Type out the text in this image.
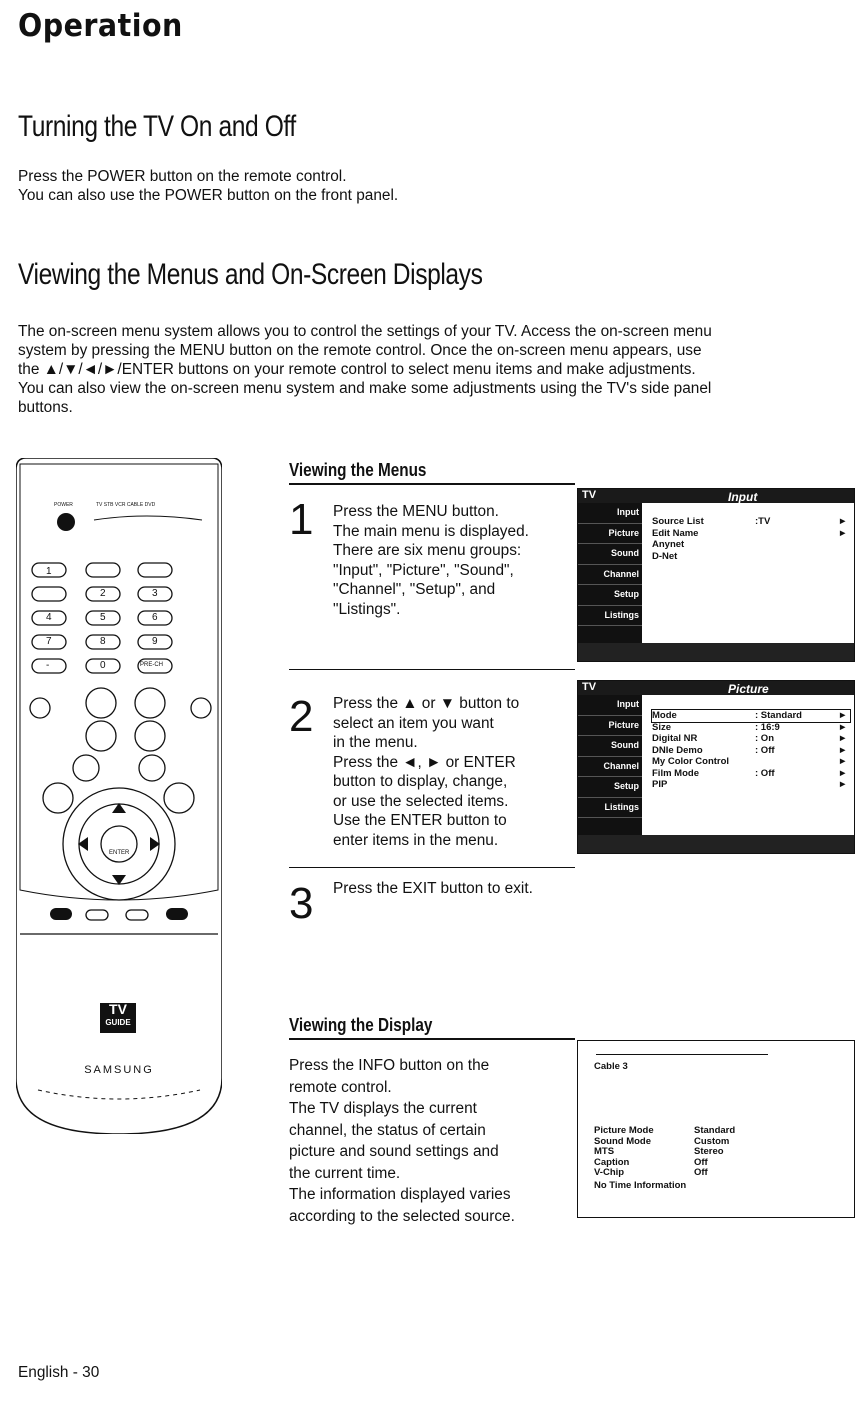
Operation
Turning the TV On and Off
Press the POWER button on the remote control.
You can also use the POWER button on the front panel.
Viewing the Menus and On-Screen Displays
The on-screen menu system allows you to control the settings of your TV. Access the on-screen menu
system by pressing the MENU button on the remote control. Once the on-screen menu appears, use
the ▲/▼/◄/►/ENTER buttons on your remote control to select menu items and make adjustments.
You can also view the on-screen menu system and make some adjustments using the TV's side panel
buttons.
POWER	TV STB VCR CABLE DVD
1
2	3
4	5	6
7	8	9
-	0	PRE-CH
ENTER
TV
GUIDE
SAMSUNG
Viewing the Menus
1 Press the MENU button.
The main menu is displayed.
There are six menu groups:
"Input", "Picture", "Sound",
"Channel", "Setup", and
"Listings".
TV	Input
Input
Picture
Sound
Channel
Setup
Listings
Source List	:TV	►
Edit Name		►
Anynet		
D-Net		
2 Press the ▲ or ▼ button to
select an item you want
in the menu.
Press the ◄, ► or ENTER
button to display, change,
or use the selected items.
Use the ENTER button to
enter items in the menu.
TV	Picture
Input
Picture
Sound
Channel
Setup
Listings
Mode	: Standard	►
Size	: 16:9	►
Digital NR	: On	►
DNIe Demo	: Off	►
My Color Control		►
Film Mode	: Off	►
PIP		►
3 Press the EXIT button to exit.
Viewing the Display
Press the INFO button on the
remote control.
The TV displays the current
channel, the status of certain
picture and sound settings and
the current time.
The information displayed varies
according to the selected source.
Cable 3
Picture Mode	Standard
Sound Mode	Custom
MTS	Stereo
Caption	Off
V-Chip	Off
No Time Information
English - 30
